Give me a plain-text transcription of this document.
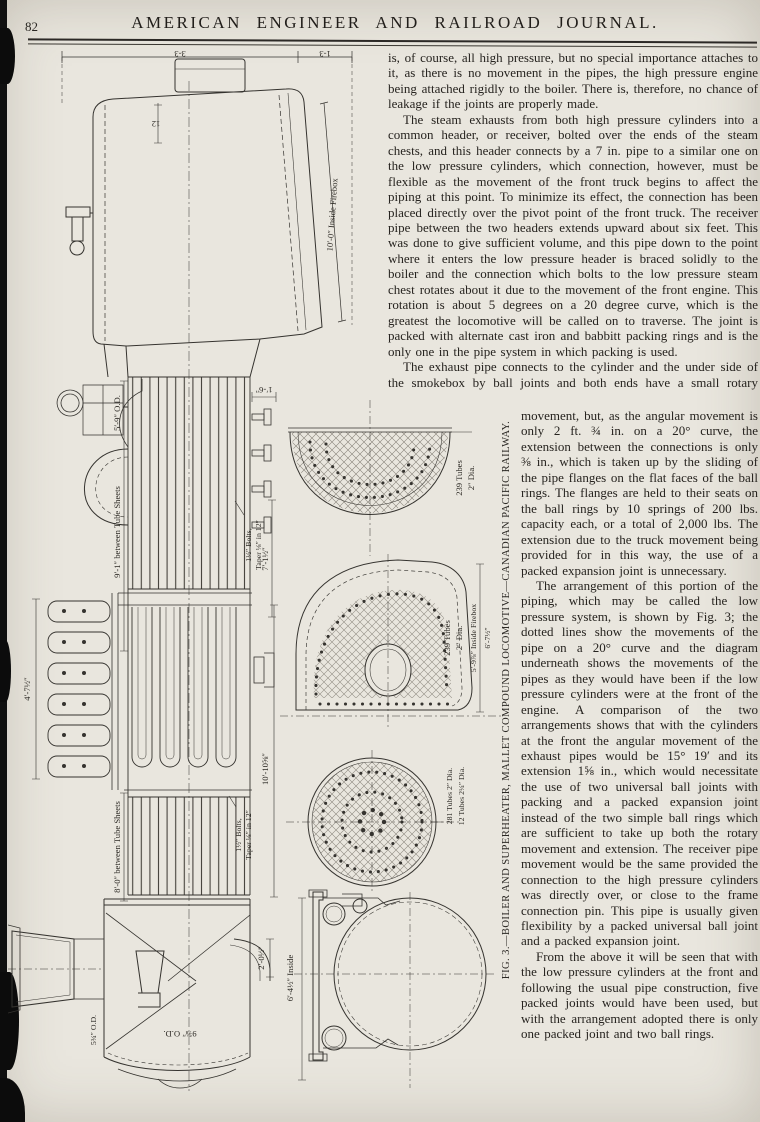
82	AMERICAN ENGINEER AND RAILROAD JOURNAL.
3-3	1-3
12
10′-0″ Inside Firebox
5′-9″ O.D.
9′-1″ between Tube Sheets
1′-6″
4′-7½″
7′-1½″
1½″ Bolts, Taper ⅛″ in 12″
10′-10⅝″
8′-0″ between Tube Sheets	1½″ Bolts, Taper ⅛″ in 12″
2′-0½″
9⅝″ O.D.
5¾″ O.D.
239 Tubes 2″ Dia.
239 Tubes 2″ Dia. 5′-9⅞″ Inside Firebox 6′-7½″
281 Tubes 2″ Dia. 12 Tubes 2¼″ Dia.
6′-4½″ Inside	FIG. 3.—BOILER AND SUPERHEATER, MALLET COMPOUND LOCOMOTIVE—CANADIAN PACIFIC RAILWAY.

is, of course, all high pressure, but no special importance attaches to it, as there is no movement in the pipes, the high pressure engine being attached rigidly to the boiler. There is, therefore, no chance of leakage if the joints are properly made.

The steam exhausts from both high pressure cylinders into a common header, or receiver, bolted over the ends of the steam chests, and this header connects by a 7 in. pipe to a similar one on the low pressure cylinders, which connection, however, must be flexible as the movement of the front truck begins to affect the piping at this point. To minimize its effect, the connection has been placed directly over the pivot point of the front truck. The receiver pipe between the two headers extends upward about six feet. This was done to give sufficient volume, and this pipe down to the point where it enters the low pressure header is braced solidly to the boiler and the connection which bolts to the low pressure steam chest rotates about it due to the movement of the front engine. This rotation is about 5 degrees on a 20 degree curve, which is the greatest the locomotive will be called on to traverse. The joint is packed with alternate cast iron and babbitt packing rings and is the only one in the pipe system in which packing is used.

The exhaust pipe connects to the cylinder and the under side of the smokebox by ball joints and both ends have a small rotary

movement, but, as the angular movement is only 2 ft. ¾ in. on a 20° curve, the extension between the connections is only ⅜ in., which is taken up by the sliding of the pipe flanges on the flat faces of the ball rings. The flanges are held to their seats on the ball rings by 10 springs of 200 lbs. capacity each, or a total of 2,000 lbs. The extension due to the truck movement being provided for in this way, the use of a packed expansion joint is unnecessary.

The arrangement of this portion of the piping, which may be called the low pressure system, is shown by Fig. 3; the dotted lines show the movements of the pipe on a 20° curve and the diagram underneath shows the movements of the pipes as they would have been if the low pressure cylinders were at the front of the engine. A comparison of the two arrangements shows that with the cylinders at the front the angular movement of the exhaust pipes would be 15° 19′ and its extension 1⅝ in., which would necessitate the use of two universal ball joints with packing and a packed expansion joint instead of the two simple ball rings which are sufficient to take up both the rotary movement and extension. The receiver pipe movement would be the same provided the connection to the high pressure cylinders was directly over, or close to the frame connection pin. This pipe is usually given flexibility by a packed universal ball joint and a packed expansion joint.

From the above it will be seen that with the low pressure cylinders at the front and following the usual pipe construction, five packed joints would have been used, but with the arrangement adopted there is only one packed joint and two ball rings.
